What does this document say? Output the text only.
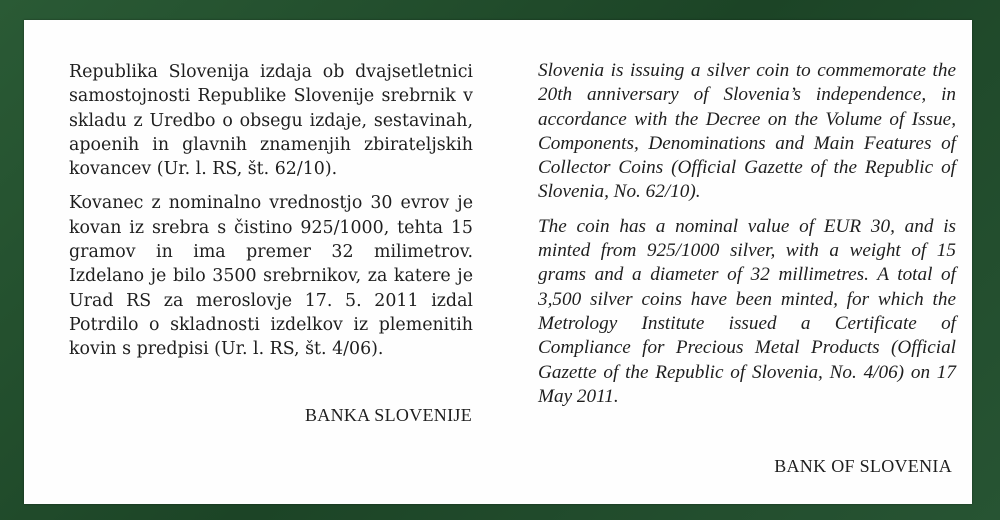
Republika Slovenija izdaja ob dvajsetletnici samostojnosti Republike Slovenije srebrnik v skladu z Uredbo o obsegu izdaje, sestavinah, apoenih in glavnih znamenjih zbirateljskih kovancev (Ur. l. RS, št. 62/10).

Kovanec z nominalno vrednostjo 30 evrov je kovan iz srebra s čistino 925/1000, tehta 15 gramov in ima premer 32 milimetrov. Izdelano je bilo 3500 srebrnikov, za katere je Urad RS za meroslovje 17. 5. 2011 izdal Potrdilo o skladnosti izdelkov iz plemenitih kovin s predpisi (Ur. l. RS, št. 4/06).

BANKA SLOVENIJE

Slovenia is issuing a silver coin to commemorate the 20th anniversary of Slovenia’s independence, in accordance with the Decree on the Volume of Issue, Components, Denominations and Main Features of Collector Coins (Official Gazette of the Republic of Slovenia, No. 62/10).

The coin has a nominal value of EUR 30, and is minted from 925/1000 silver, with a weight of 15 grams and a diameter of 32 millimetres. A total of 3,500 silver coins have been minted, for which the Metrology Institute issued a Certificate of Compliance for Precious Metal Products (Official Gazette of the Republic of Slovenia, No. 4/06) on 17 May 2011.

BANK OF SLOVENIA
